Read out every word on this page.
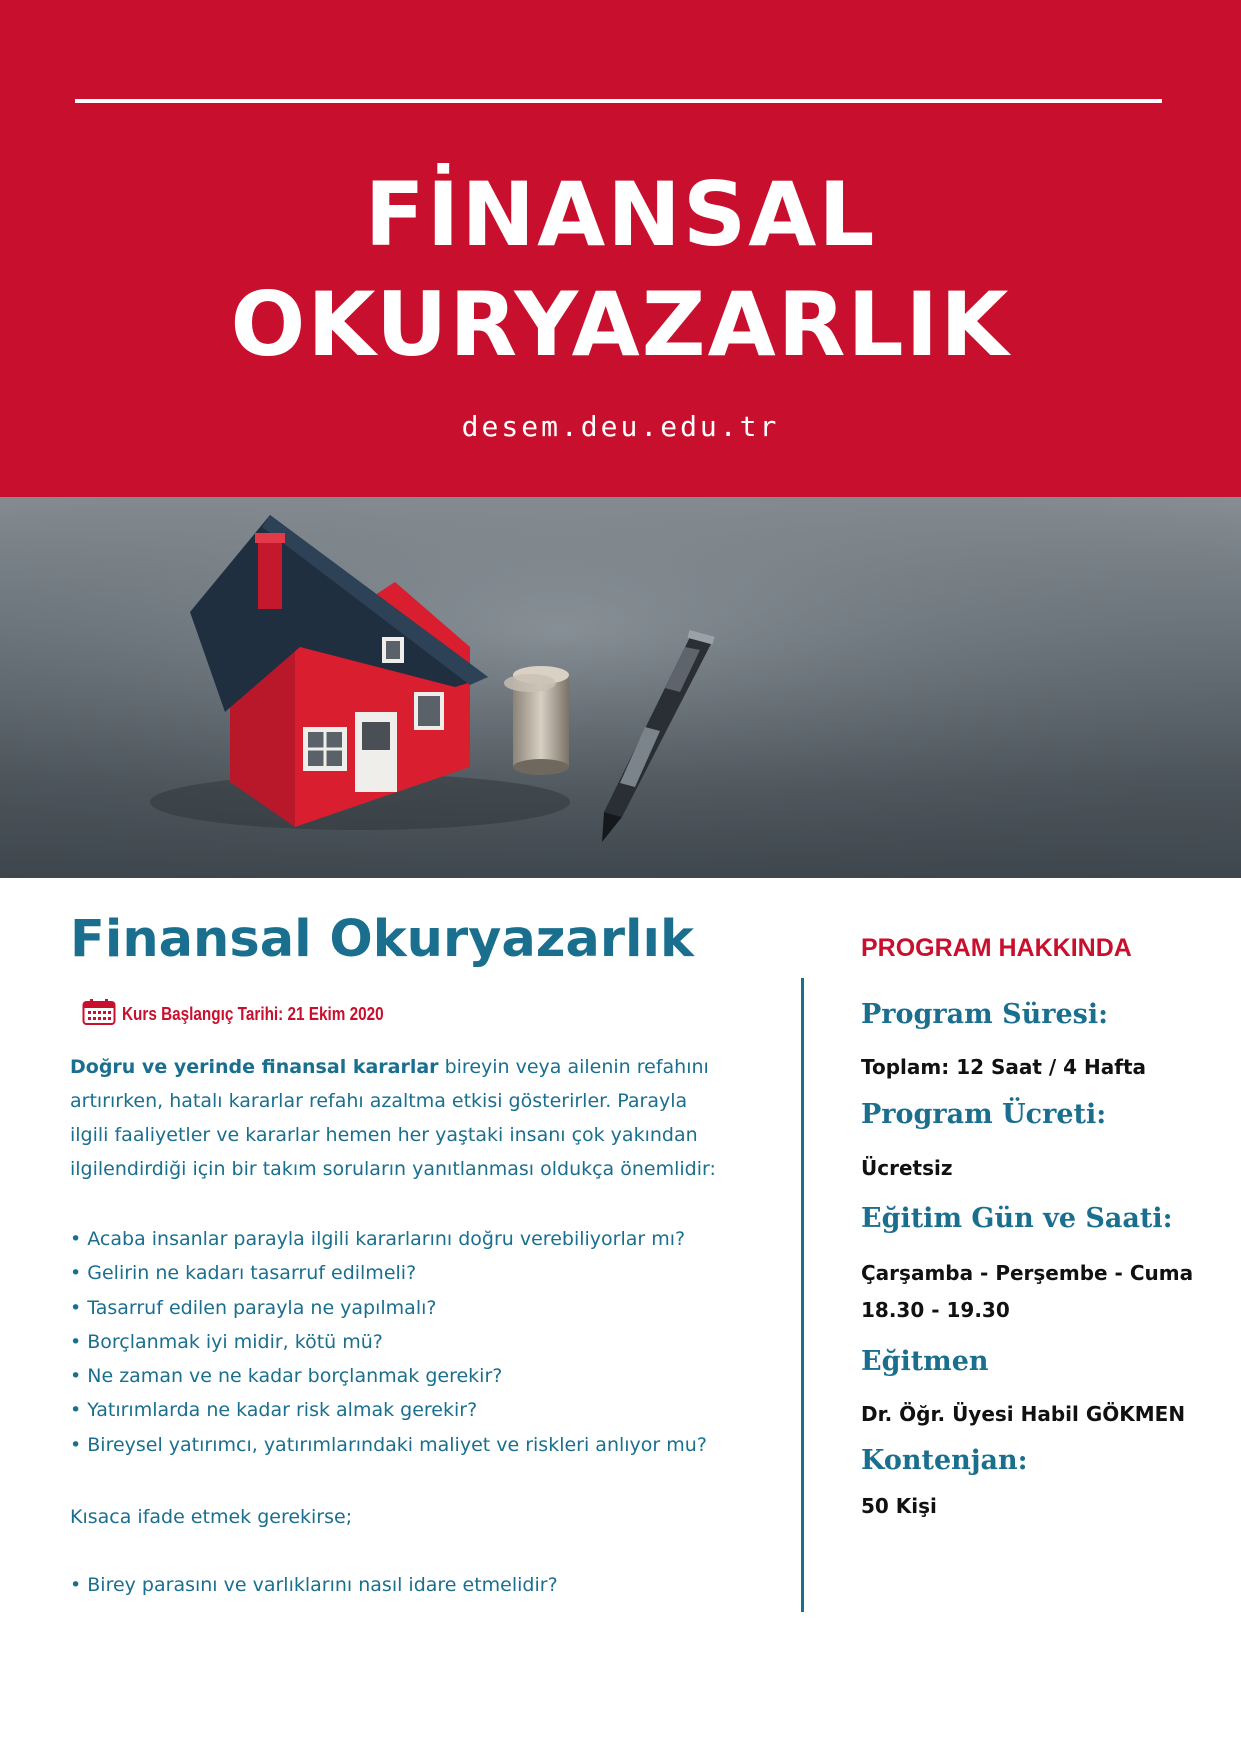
FİNANSAL
OKURYAZARLIK
desem.deu.edu.tr
Finansal Okuryazarlık
Kurs Başlangıç Tarihi: 21 Ekim 2020

Doğru ve yerinde finansal kararlar bireyin veya ailenin refahını
artırırken, hatalı kararlar refahı azaltma etkisi gösterirler. Parayla
ilgili faaliyetler ve kararlar hemen her yaştaki insanı çok yakından
ilgilendirdiği için bir takım soruların yanıtlanması oldukça önemlidir:

• Acaba insanlar parayla ilgili kararlarını doğru verebiliyorlar mı?
• Gelirin ne kadarı tasarruf edilmeli?
• Tasarruf edilen parayla ne yapılmalı?
• Borçlanmak iyi midir, kötü mü?
• Ne zaman ve ne kadar borçlanmak gerekir?
• Yatırımlarda ne kadar risk almak gerekir?
• Bireysel yatırımcı, yatırımlarındaki maliyet ve riskleri anlıyor mu?

Kısaca ifade etmek gerekirse;

• Birey parasını ve varlıklarını nasıl idare etmelidir?
PROGRAM HAKKINDA

Program Süresi:

Toplam: 12 Saat / 4 Hafta

Program Ücreti:

Ücretsiz

Eğitim Gün ve Saati:

Çarşamba - Perşembe - Cuma

18.30 - 19.30

Eğitmen

Dr. Öğr. Üyesi Habil GÖKMEN

Kontenjan:

50 Kişi
